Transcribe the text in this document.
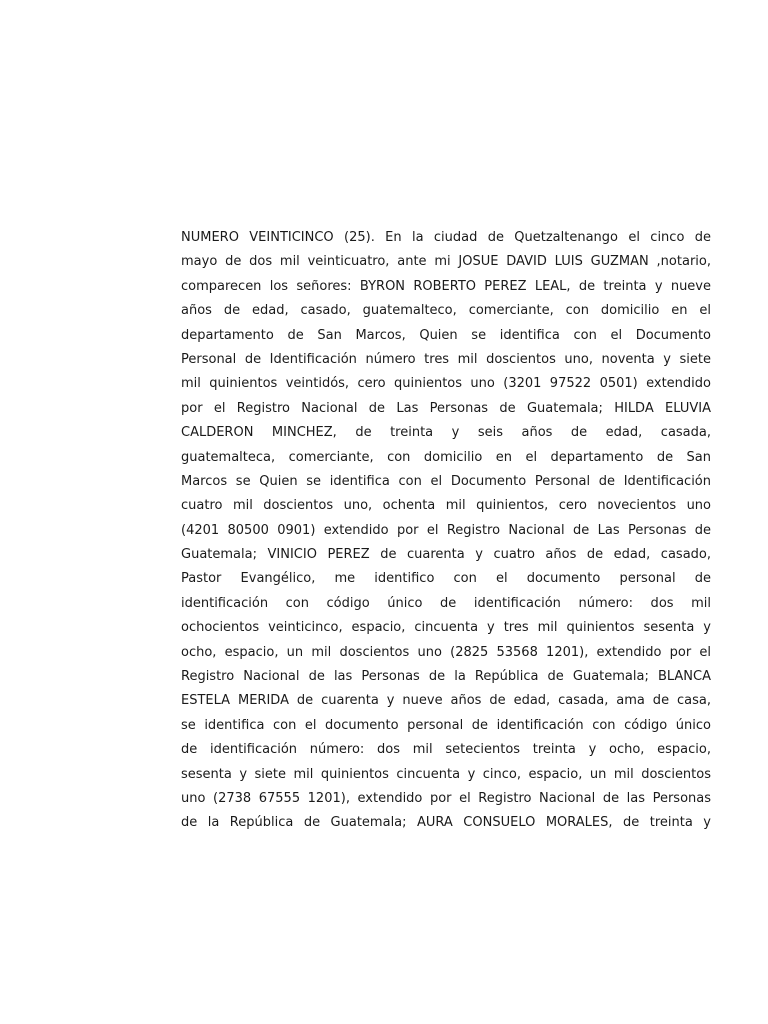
NUMERO VEINTICINCO (25). En la ciudad de Quetzaltenango el cinco de
mayo de dos mil veinticuatro, ante mi JOSUE DAVID LUIS GUZMAN ,notario,
comparecen los señores: BYRON ROBERTO PEREZ LEAL, de treinta y nueve
años de edad, casado, guatemalteco, comerciante, con domicilio en el
departamento de San Marcos, Quien se identifica con el Documento
Personal de Identificación número tres mil doscientos uno, noventa y siete
mil quinientos veintidós, cero quinientos uno (3201 97522 0501) extendido
por el Registro Nacional de Las Personas de Guatemala; HILDA ELUVIA
CALDERON MINCHEZ, de treinta y seis años de edad, casada,
guatemalteca, comerciante, con domicilio en el departamento de San
Marcos se Quien se identifica con el Documento Personal de Identificación
cuatro mil doscientos uno, ochenta mil quinientos, cero novecientos uno
(4201 80500 0901) extendido por el Registro Nacional de Las Personas de
Guatemala; VINICIO PEREZ de cuarenta y cuatro años de edad, casado,
Pastor Evangélico, me identifico con el documento personal de
identificación con código único de identificación número: dos mil
ochocientos veinticinco, espacio, cincuenta y tres mil quinientos sesenta y
ocho, espacio, un mil doscientos uno (2825 53568 1201), extendido por el
Registro Nacional de las Personas de la República de Guatemala; BLANCA
ESTELA MERIDA de cuarenta y nueve años de edad, casada, ama de casa,
se identifica con el documento personal de identificación con código único
de identificación número: dos mil setecientos treinta y ocho, espacio,
sesenta y siete mil quinientos cincuenta y cinco, espacio, un mil doscientos
uno (2738 67555 1201), extendido por el Registro Nacional de las Personas
de la República de Guatemala; AURA CONSUELO MORALES, de treinta y
